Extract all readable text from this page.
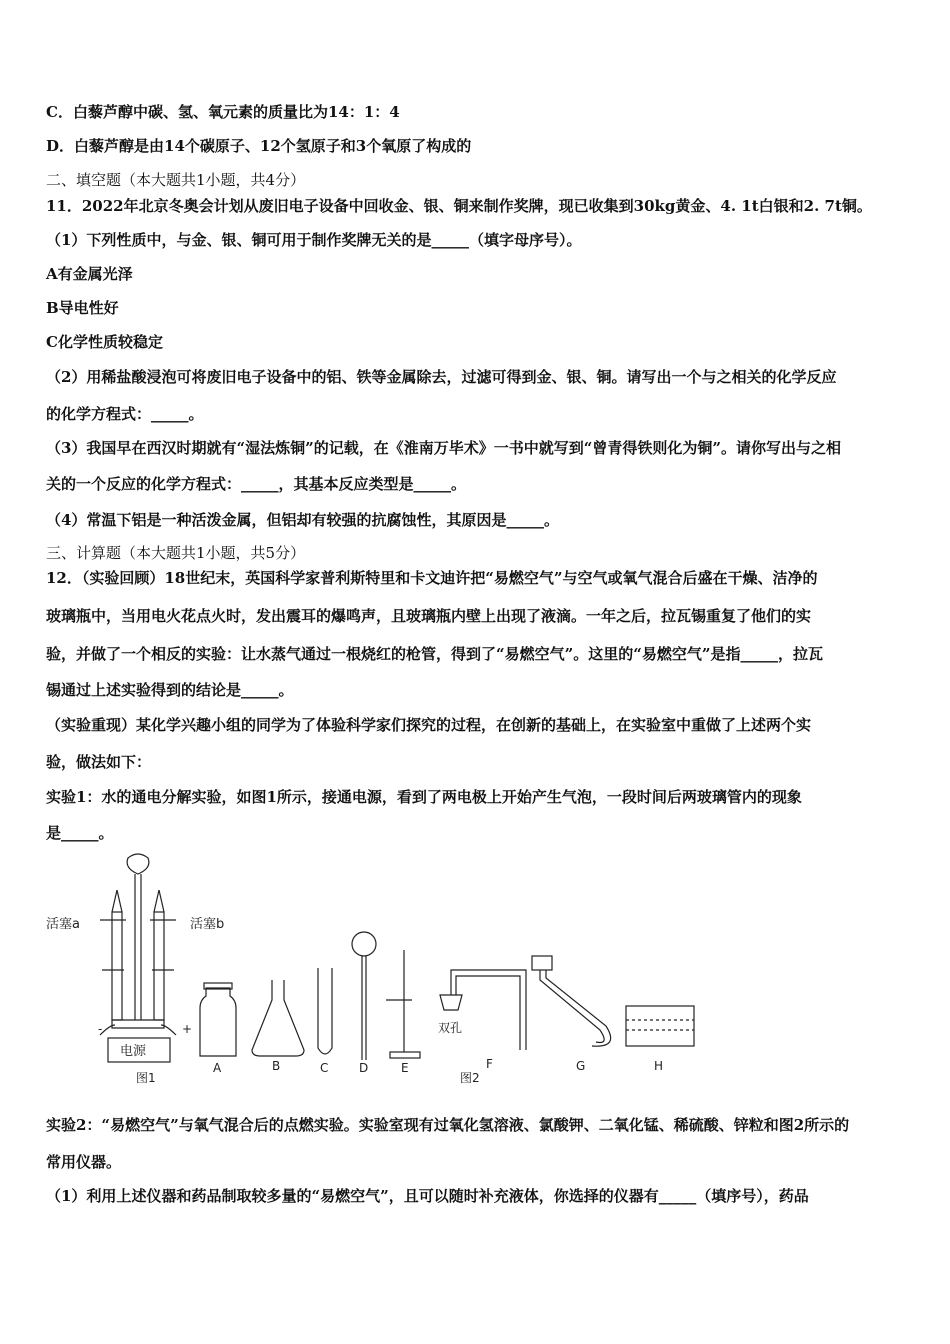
C．白藜芦醇中碳、氢、氧元素的质量比为14：1：4
D．白藜芦醇是由14个碳原子、12个氢原子和3个氧原了构成的
二、填空题（本大题共1小题，共4分）
11．2022年北京冬奥会计划从废旧电子设备中回收金、银、铜来制作奖牌，现已收集到30kg黄金、4. 1t白银和2. 7t铜。
（1）下列性质中，与金、银、铜可用于制作奖牌无关的是_____（填字母序号）。
A有金属光泽
B导电性好
C化学性质较稳定
（2）用稀盐酸浸泡可将废旧电子设备中的铝、铁等金属除去，过滤可得到金、银、铜。请写出一个与之相关的化学反应
的化学方程式：_____。
（3）我国早在西汉时期就有“湿法炼铜”的记载，在《淮南万毕术》一书中就写到“曾青得铁则化为铜”。请你写出与之相
关的一个反应的化学方程式：_____，其基本反应类型是_____。
（4）常温下铝是一种活泼金属，但铝却有较强的抗腐蚀性，其原因是_____。
三、计算题（本大题共1小题，共5分）
12．（实验回顾）18世纪末，英国科学家普利斯特里和卡文迪许把“易燃空气”与空气或氧气混合后盛在干燥、洁净的
玻璃瓶中，当用电火花点火时，发出震耳的爆鸣声，且玻璃瓶内壁上出现了液滴。一年之后，拉瓦锡重复了他们的实
验，并做了一个相反的实验：让水蒸气通过一根烧红的枪管，得到了“易燃空气”。这里的“易燃空气”是指_____，拉瓦
锡通过上述实验得到的结论是_____。
（实验重现）某化学兴趣小组的同学为了体验科学家们探究的过程，在创新的基础上，在实验室中重做了上述两个实
验，做法如下：
实验1：水的通电分解实验，如图1所示，接通电源，看到了两电极上开始产生气泡，一段时间后两玻璃管内的现象
是_____。
活塞a	活塞b
-	+
电源
图1	图2
双孔
A	B	C	D	E	F	G	H
实验2：“易燃空气”与氧气混合后的点燃实验。实验室现有过氧化氢溶液、氯酸钾、二氧化锰、稀硫酸、锌粒和图2所示的
常用仪器。
（1）利用上述仪器和药品制取较多量的“易燃空气”，且可以随时补充液体，你选择的仪器有_____（填序号），药品
